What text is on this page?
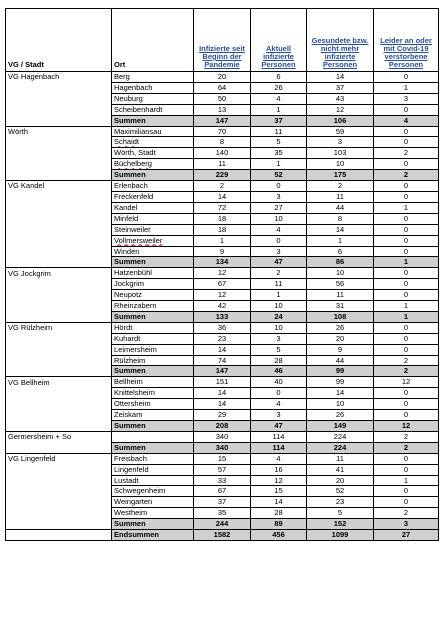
VG / Stadt	Ort	Infizierte seit Beginn der Pandemie	Aktuell infizierte Personen	Gesundete bzw. nicht mehr infizierte Personen	Leider an oder mit Covid-19 verstorbene Personen
VG Hagenbach	Berg	20	6	14	0
	Hagenbach	64	26	37	1
	Neuburg	50	4	43	3
	Scheibenhardt	13	1	12	0
	Summen	147	37	106	4
Wörth	Maximiliansau	70	11	59	0
	Schaidt	8	5	3	0
	Wörth, Stadt	140	35	103	2
	Büchelberg	11	1	10	0
	Summen	229	52	175	2
VG Kandel	Erlenbach	2	0	2	0
	Freckenfeld	14	3	11	0
	Kandel	72	27	44	1
	Minfeld	18	10	8	0
	Steinweiler	18	4	14	0
	Vollmersweiler	1	0	1	0
	Winden	9	3	6	0
	Summen	134	47	86	1
VG Jockgrim	Hatzenbühl	12	2	10	0
	Jockgrim	67	11	56	0
	Neupotz	12	1	11	0
	Rheinzabern	42	10	31	1
	Summen	133	24	108	1
VG Rülzheim	Hördt	36	10	26	0
	Kuhardt	23	3	20	0
	Leimersheim	14	5	9	0
	Rülzheim	74	28	44	2
	Summen	147	46	99	2
VG Bellheim	Bellheim	151	40	99	12
	Knittelsheim	14	0	14	0
	Ottersheim	14	4	10	0
	Zeiskam	29	3	26	0
	Summen	208	47	149	12
Germersheim + So		340	114	224	2
	Summen	340	114	224	2
VG Lingenfeld	Freisbach	15	4	11	0
	Lingenfeld	57	16	41	0
	Lustadt	33	12	20	1
	Schwegenheim	67	15	52	0
	Weingarten	37	14	23	0
	Westheim	35	28	5	2
	Summen	244	89	152	3
	Endsummen	1582	456	1099	27
